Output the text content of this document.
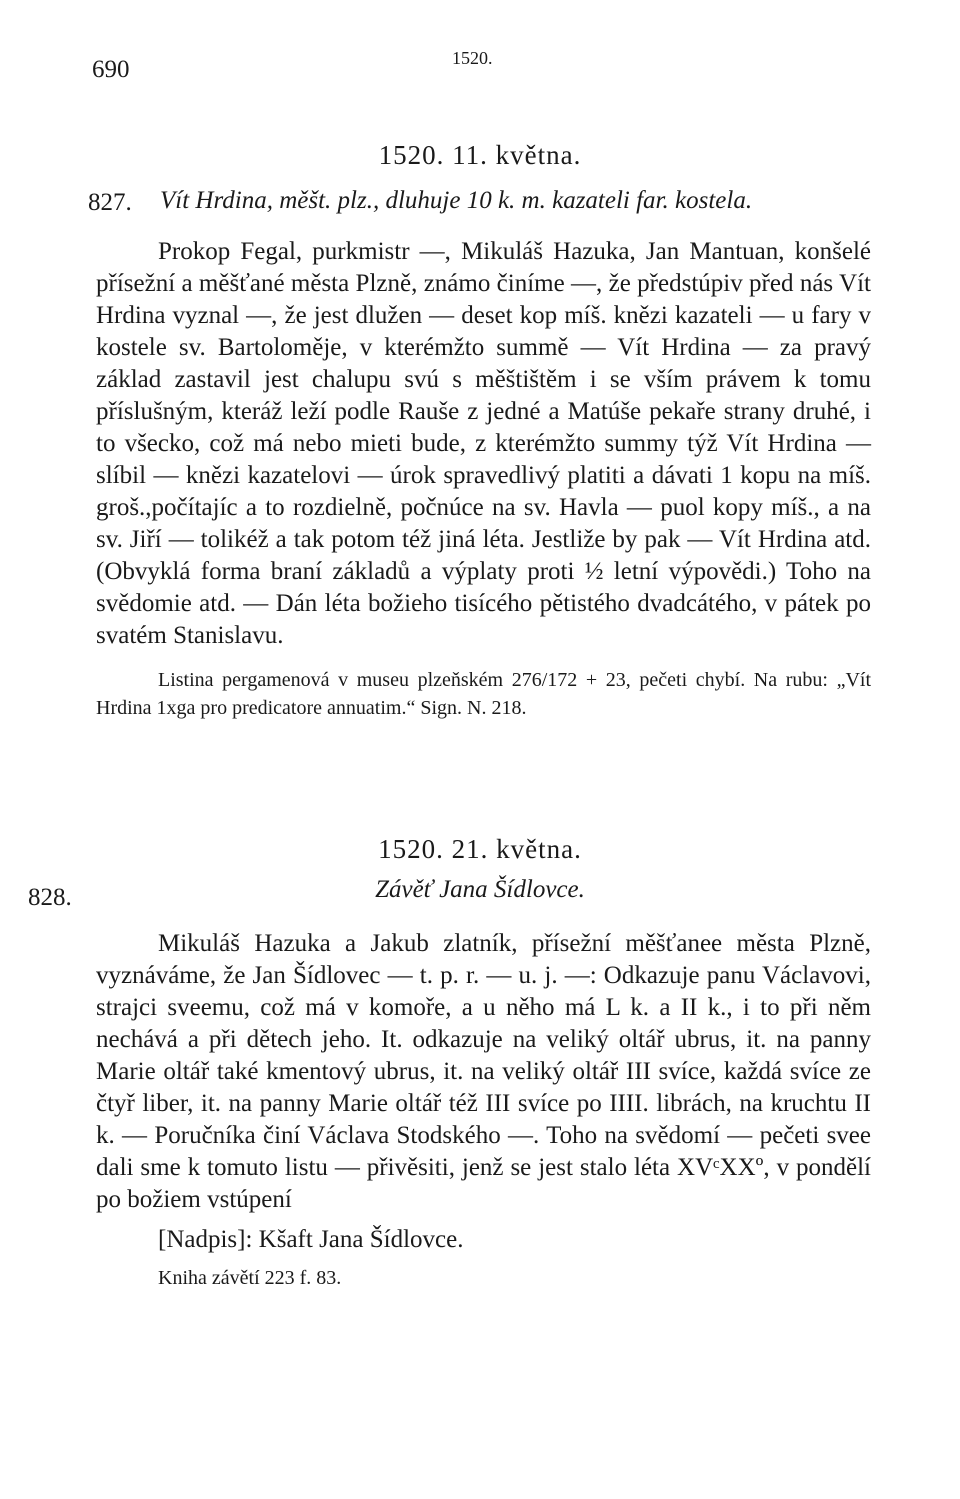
690	1520.
1520. 11. května.
827. Vít Hrdina, měšt. plz., dluhuje 10 k. m. kazateli far. kostela.

Prokop Fegal, purkmistr —, Mikuláš Hazuka, Jan Mantuan, konšelé přísežní a měšťané města Plzně, známo činíme —, že předstúpiv před nás Vít Hrdina vyznal —, že jest dlužen — deset kop míš. knězi kazateli — u fary v kostele sv. Bartoloměje, v kterémžto summě — Vít Hrdina — za pravý základ zastavil jest chalupu svú s měštištěm i se vším právem k tomu příslušným, kteráž leží podle Rauše z jedné a Matúše pekaře strany druhé, i to všecko, což má nebo mieti bude, z kterémžto summy týž Vít Hrdina — slíbil — knězi kazatelovi — úrok spravedlivý platiti a dávati 1 kopu na míš. groš.,počítajíc a to rozdielně, počnúce na sv. Havla — puol kopy míš., a na sv. Jiří — tolikéž a tak potom též jiná léta. Jestliže by pak — Vít Hrdina atd. (Obvyklá forma braní základů a výplaty proti ½ letní výpovědi.) Toho na svědomie atd. — Dán léta božieho tisícého pětistého dvadcátého, v pátek po svatém Stanislavu.

Listina pergamenová v museu plzeňském 276/172 + 23, pečeti chybí. Na rubu: „Vít Hrdina 1xga pro predicatore annuatim.“ Sign. N. 218.

1520. 21. května.
828.	Závěť Jana Šídlovce.

Mikuláš Hazuka a Jakub zlatník, přísežní měšťanee města Plzně, vyznáváme, že Jan Šídlovec — t. p. r. — u. j. —: Odkazuje panu Václavovi, strajci sveemu, což má v komoře, a u něho má L k. a II k., i to při něm nechává a při dětech jeho. It. odkazuje na veliký oltář ubrus, it. na panny Marie oltář také kmentový ubrus, it. na veliký oltář III svíce, každá svíce ze čtyř liber, it. na panny Marie oltář též III svíce po IIII. librách, na kruchtu II k. — Poručníka činí Václava Stodského —. Toho na svědomí — pečeti svee dali sme k tomuto listu — přivěsiti, jenž se jest stalo léta XVᶜXXº, v pondělí po božiem vstúpení

[Nadpis]: Kšaft Jana Šídlovce.

Kniha závětí 223 f. 83.
